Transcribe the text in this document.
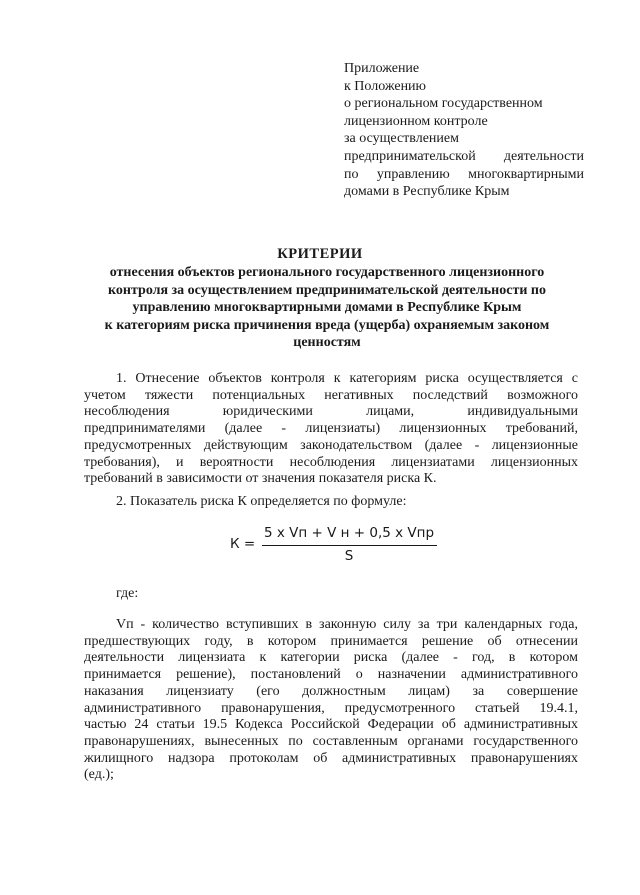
Приложение
к Положению
о региональном государственном
лицензионном контроле
за осуществлением
предпринимательской деятельности
по управлению многоквартирными
домами в Республике Крым
КРИТЕРИИ
отнесения объектов регионального государственного лицензионного
контроля за осуществлением предпринимательской деятельности по
управлению многоквартирными домами в Республике Крым
к категориям риска причинения вреда (ущерба) охраняемым законом
ценностям
1. Отнесение объектов контроля к категориям риска осуществляется с
учетом тяжести потенциальных негативных последствий возможного
несоблюдения юридическими лицами, индивидуальными
предпринимателями (далее - лицензиаты) лицензионных требований,
предусмотренных действующим законодательством (далее - лицензионные
требования), и вероятности несоблюдения лицензиатами лицензионных
требований в зависимости от значения показателя риска К.
2. Показатель риска К определяется по формуле:
К =
5 x Vп + V н + 0,5 x Vпр
S
где:
Vп - количество вступивших в законную силу за три календарных года,
предшествующих году, в котором принимается решение об отнесении
деятельности лицензиата к категории риска (далее - год, в котором
принимается решение), постановлений о назначении административного
наказания лицензиату (его должностным лицам) за совершение
административного правонарушения, предусмотренного статьей 19.4.1,
частью 24 статьи 19.5 Кодекса Российской Федерации об административных
правонарушениях, вынесенных по составленным органами государственного
жилищного надзора протоколам об административных правонарушениях
(ед.);
